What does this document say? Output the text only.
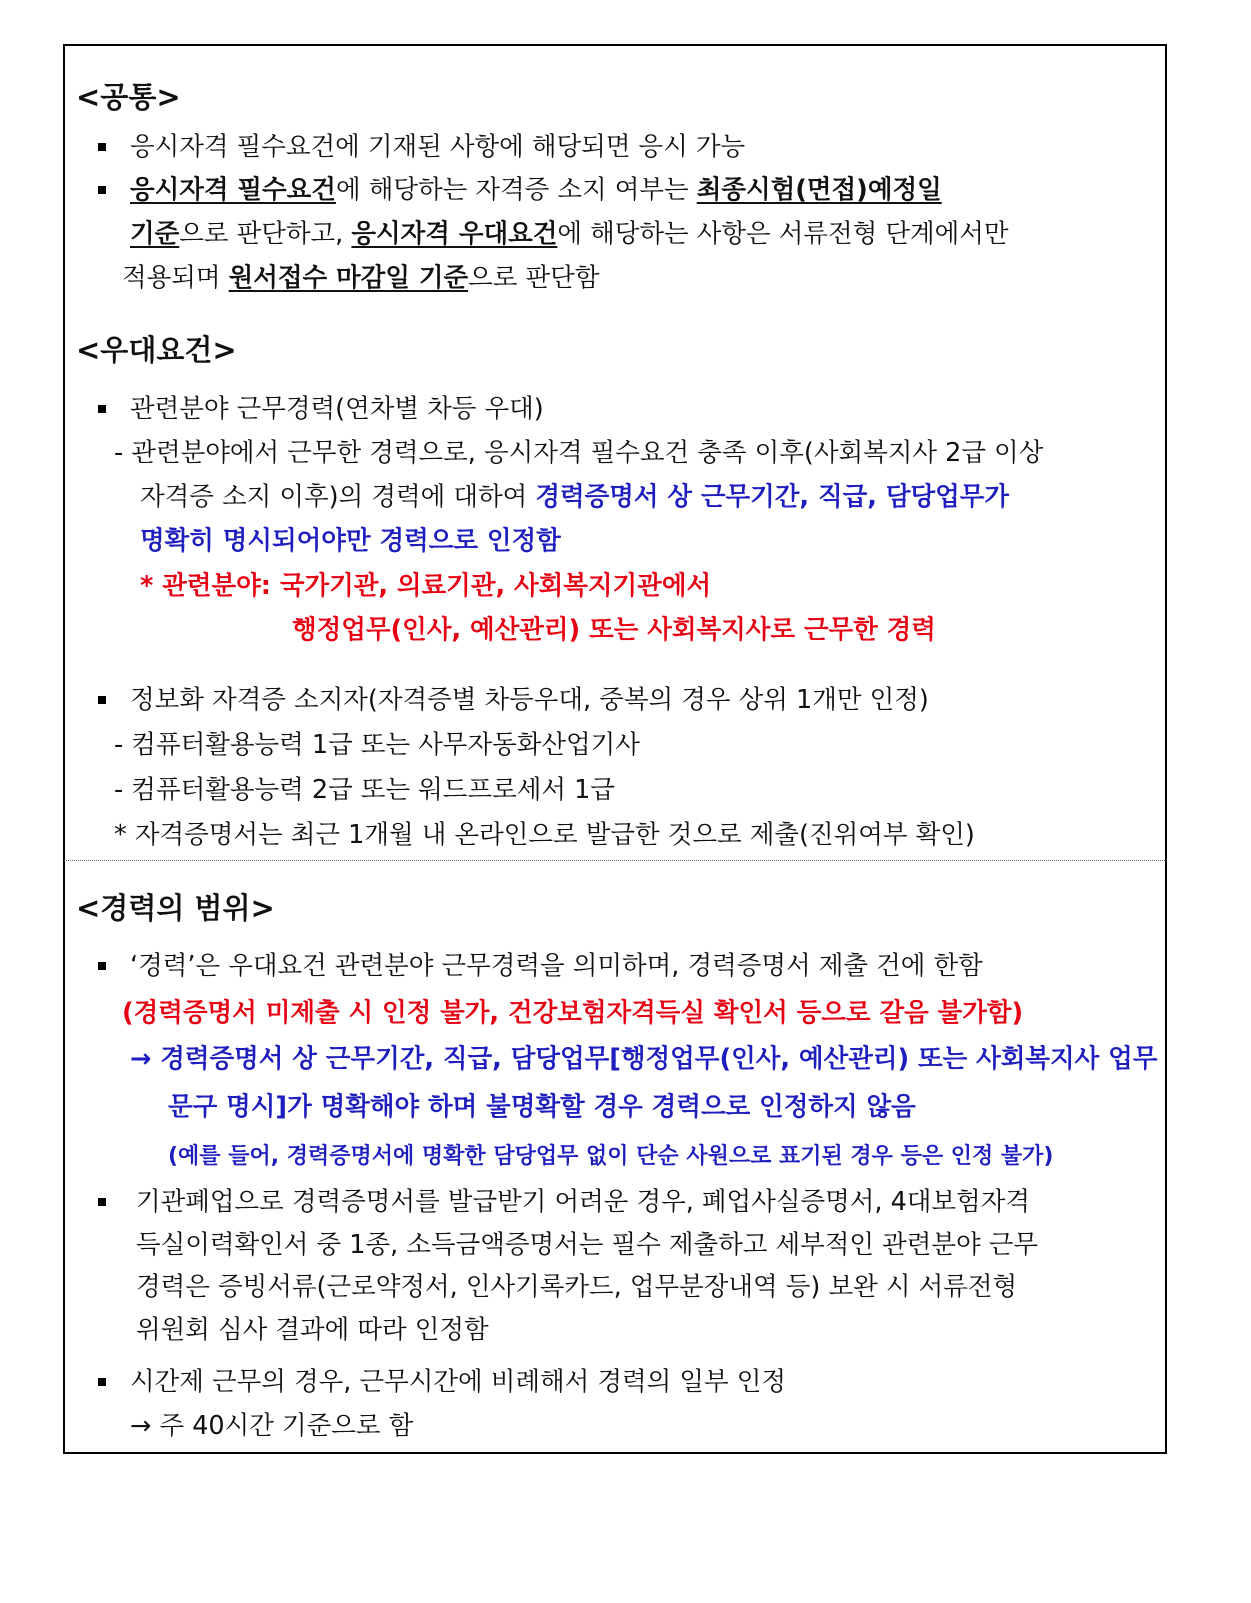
<공통>
응시자격 필수요건에 기재된 사항에 해당되면 응시 가능
응시자격 필수요건에 해당하는 자격증 소지 여부는 최종시험(면접)예정일
기준으로 판단하고, 응시자격 우대요건에 해당하는 사항은 서류전형 단계에서만
적용되며 원서접수 마감일 기준으로 판단함
<우대요건>
관련분야 근무경력(연차별 차등 우대)
- 관련분야에서 근무한 경력으로, 응시자격 필수요건 충족 이후(사회복지사 2급 이상
자격증 소지 이후)의 경력에 대하여 경력증명서 상 근무기간, 직급, 담당업무가
명확히 명시되어야만 경력으로 인정함
* 관련분야: 국가기관, 의료기관, 사회복지기관에서
행정업무(인사, 예산관리) 또는 사회복지사로 근무한 경력
정보화 자격증 소지자(자격증별 차등우대, 중복의 경우 상위 1개만 인정)
- 컴퓨터활용능력 1급 또는 사무자동화산업기사
- 컴퓨터활용능력 2급 또는 워드프로세서 1급
* 자격증명서는 최근 1개월 내 온라인으로 발급한 것으로 제출(진위여부 확인)
<경력의 범위>
‘경력’은 우대요건 관련분야 근무경력을 의미하며, 경력증명서 제출 건에 한함
(경력증명서 미제출 시 인정 불가, 건강보험자격득실 확인서 등으로 갈음 불가함)
→ 경력증명서 상 근무기간, 직급, 담당업무[행정업무(인사, 예산관리) 또는 사회복지사 업무
문구 명시]가 명확해야 하며 불명확할 경우 경력으로 인정하지 않음
(예를 들어, 경력증명서에 명확한 담당업무 없이 단순 사원으로 표기된 경우 등은 인정 불가)
기관폐업으로 경력증명서를 발급받기 어려운 경우, 폐업사실증명서, 4대보험자격
득실이력확인서 중 1종, 소득금액증명서는 필수 제출하고 세부적인 관련분야 근무
경력은 증빙서류(근로약정서, 인사기록카드, 업무분장내역 등) 보완 시 서류전형
위원회 심사 결과에 따라 인정함
시간제 근무의 경우, 근무시간에 비례해서 경력의 일부 인정
→ 주 40시간 기준으로 함
